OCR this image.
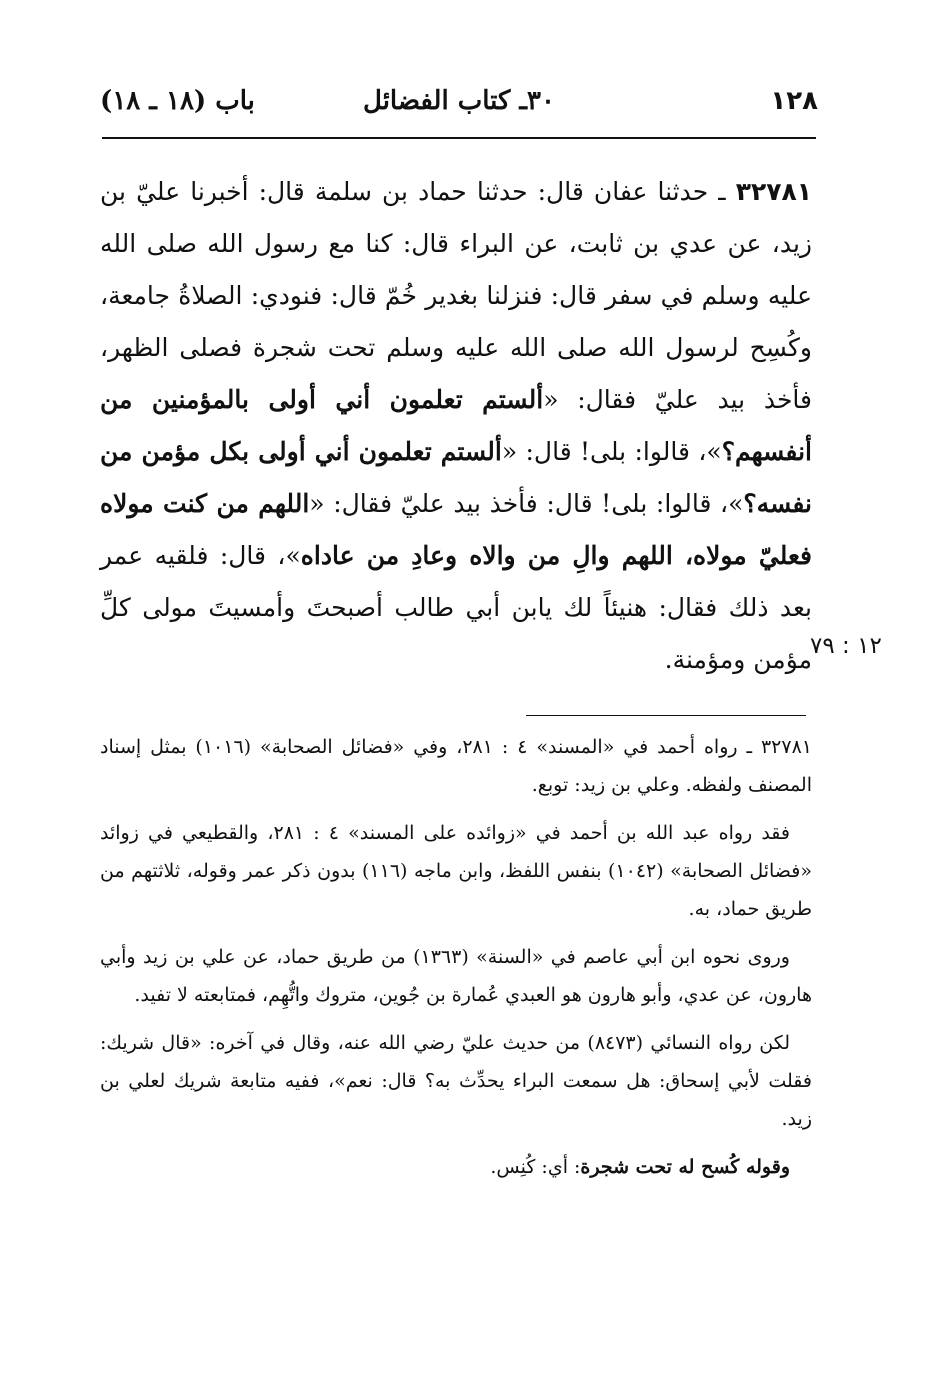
١٢٨
٣٠ـ كتاب الفضائل
باب (١٨ ـ ١٨)

٣٢٧٨١ ـ حدثنا عفان قال: حدثنا حماد بن سلمة قال: أخبرنا عليّ بن زيد، عن عدي بن ثابت، عن البراء قال: كنا مع رسول الله صلى الله عليه وسلم في سفر قال: فنزلنا بغدير خُمّ قال: فنودي: الصلاةُ جامعة، وكُسِح لرسول الله صلى الله عليه وسلم تحت شجرة فصلى الظهر، فأخذ بيد عليّ فقال: «ألستم تعلمون أني أولى بالمؤمنين من أنفسهم؟»، قالوا: بلى! قال: «ألستم تعلمون أني أولى بكل مؤمن من نفسه؟»، قالوا: بلى! قال: فأخذ بيد عليّ فقال: «اللهم من كنت مولاه فعليّ مولاه، اللهم والِ من والاه وعادِ من عاداه»، قال: فلقيه عمر بعد ذلك فقال: هنيئاً لك يابن أبي طالب أصبحتَ وأمسيتَ مولى كلِّ مؤمن ومؤمنة.

١٢ : ٧٩

٣٢٧٨١ ـ رواه أحمد في «المسند» ٤ : ٢٨١، وفي «فضائل الصحابة» (١٠١٦) بمثل إسناد المصنف ولفظه. وعلي بن زيد: توبع.

فقد رواه عبد الله بن أحمد في «زوائده على المسند» ٤ : ٢٨١، والقطيعي في زوائد «فضائل الصحابة» (١٠٤٢) بنفس اللفظ، وابن ماجه (١١٦) بدون ذكر عمر وقوله، ثلاثتهم من طريق حماد، به.

وروى نحوه ابن أبي عاصم في «السنة» (١٣٦٣) من طريق حماد، عن علي بن زيد وأبي هارون، عن عدي، وأبو هارون هو العبدي عُمارة بن جُوين، متروك واتُّهِم، فمتابعته لا تفيد.

لكن رواه النسائي (٨٤٧٣) من حديث عليّ رضي الله عنه، وقال في آخره: «قال شريك: فقلت لأبي إسحاق: هل سمعت البراء يحدِّث به؟ قال: نعم»، ففيه متابعة شريك لعلي بن زيد.

وقوله كُسح له تحت شجرة: أي: كُنِس.
